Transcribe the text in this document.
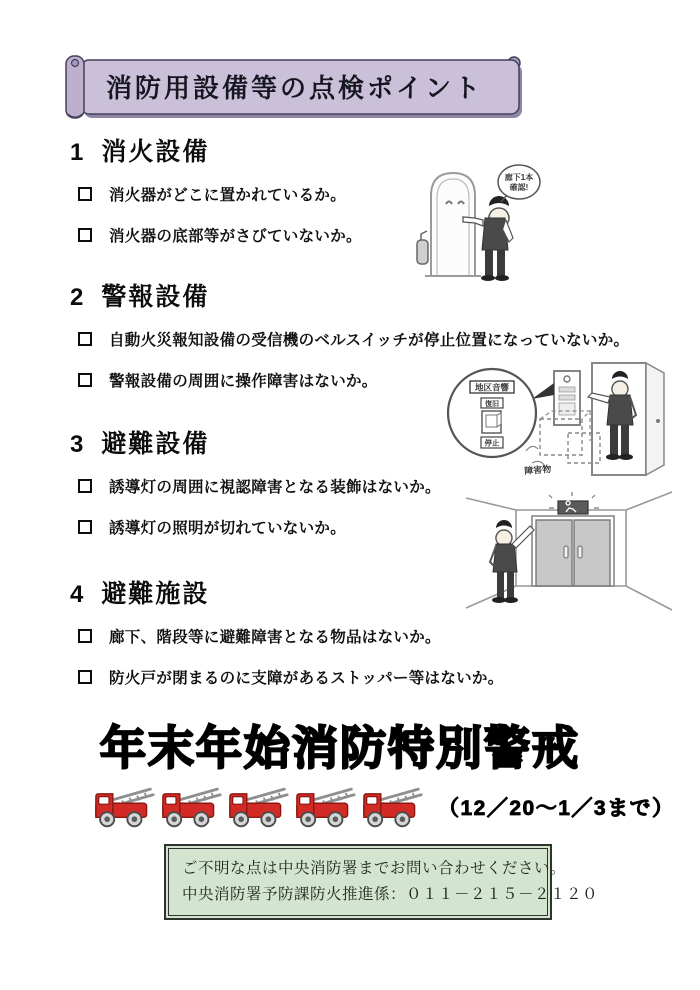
消防用設備等の点検ポイント
1 消火設備
消火器がどこに置かれているか。
消火器の底部等がさびていないか。
廊下1本
確認!
2 警報設備
自動火災報知設備の受信機のベルスイッチが停止位置になっていないか。
警報設備の周囲に操作障害はないか。	地区音響
復旧
停止
障害物
3 避難設備
誘導灯の周囲に視認障害となる装飾はないか。
誘導灯の照明が切れていないか。
4 避難施設
廊下、階段等に避難障害となる物品はないか。
防火戸が閉まるのに支障があるストッパー等はないか。
年末年始消防特別警戒
（12／20～1／3まで）
ご不明な点は中央消防署までお問い合わせください。
中央消防署予防課防火推進係：０１１－２１５－２１２０
